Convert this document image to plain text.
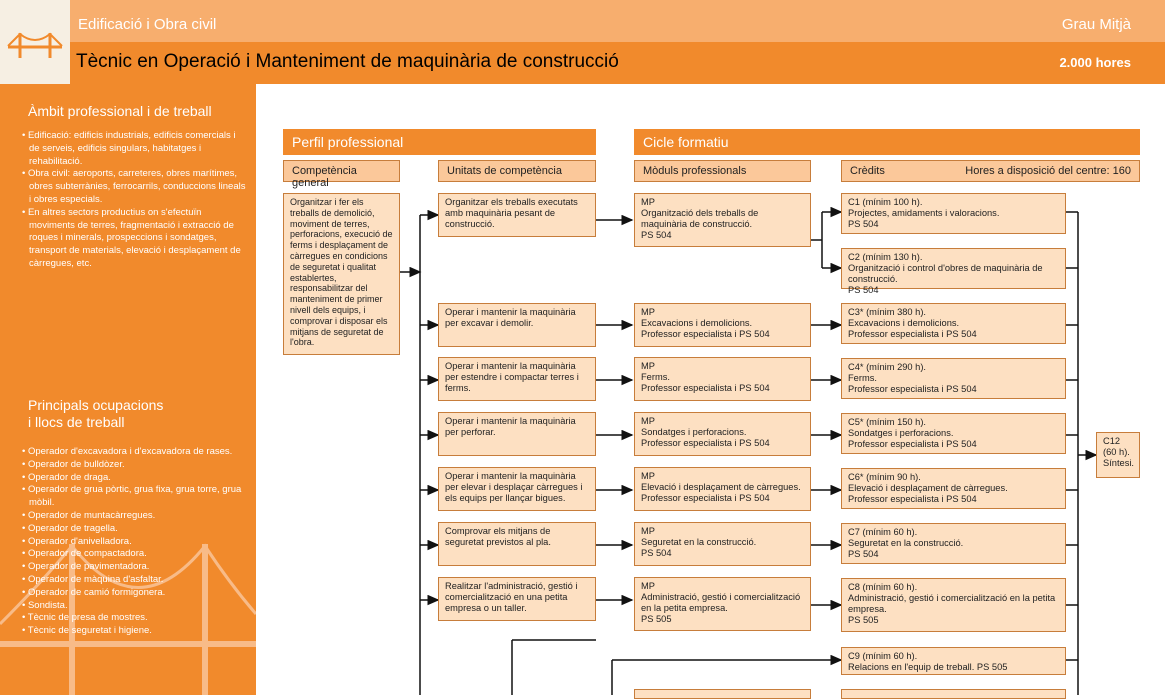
Edificació i Obra civil	Grau Mitjà
Tècnic en Operació i Manteniment de maquinària de construcció	2.000 hores
Àmbit professional i de treball
• Edificació: edificis industrials, edificis comercials i de serveis, edificis singulars, habitatges i rehabilitació.
• Obra civil: aeroports, carreteres, obres marítimes, obres subterrànies, ferrocarrils, conduccions lineals i obres especials.
• En altres sectors productius on s'efectuïn moviments de terres, fragmentació i extracció de roques i minerals, prospeccions i sondatges, transport de materials, elevació i desplaçament de càrregues, etc.
Principals ocupacions
i llocs de treball
• Operador d'excavadora i d'excavadora de rases.
• Operador de bulldòzer.
• Operador de draga.
• Operador de grua pòrtic, grua fixa, grua torre, grua mòbil.
• Operador de muntacàrregues.
• Operador de tragella.
• Operador d'anivelladora.
• Operador de compactadora.
• Operador de pavimentadora.
• Operador de màquina d'asfaltar.
• Operador de camió formigonera.
• Sondista.
• Tècnic de presa de mostres.
• Tècnic de seguretat i higiene.
Perfil professional	Cicle formatiu
Competència general
Unitats de competència	Mòduls professionals	Crèdits	Hores a disposició del centre: 160
Organitzar i fer els treballs de demolició, moviment de terres, perforacions, execució de ferms i desplaçament de càrregues en condicions de seguretat i qualitat establertes, responsabilitzar del manteniment de primer nivell dels equips, i comprovar i disposar els mitjans de seguretat de l'obra.
Organitzar els treballs executats amb maquinària pesant de construcció.
Operar i mantenir la maquinària per excavar i demolir.
Operar i mantenir la maquinària per estendre i compactar terres i ferms.
Operar i mantenir la maquinària per perforar.
Operar i mantenir la maquinària per elevar i desplaçar càrregues i els equips per llançar bigues.
Comprovar els mitjans de seguretat previstos al pla.
Realitzar l'administració, gestió i comercialització en una petita empresa o un taller.
MP
Organització dels treballs de maquinària de construcció.
PS 504
MP
Excavacions i demolicions.
Professor especialista i PS 504
MP
Ferms.
Professor especialista i PS 504
MP
Sondatges i perforacions.
Professor especialista i PS 504
MP
Elevació i desplaçament de càrregues.
Professor especialista i PS 504
MP
Seguretat en la construcció.
PS 504
MP
Administració, gestió i comercialització en la petita empresa.
PS 505
C1 (mínim 100 h).
Projectes, amidaments i valoracions.
PS 504
C2 (mínim 130 h).
Organització i control d'obres de maquinària de construcció.
PS 504
C3* (mínim 380 h).
Excavacions i demolicions.
Professor especialista i PS 504
C4* (mínim 290 h).
Ferms.
Professor especialista i PS 504
C5* (mínim 150 h).
Sondatges i perforacions.
Professor especialista i PS 504
C6* (mínim 90 h).
Elevació i desplaçament de càrregues.
Professor especialista i PS 504
C7 (mínim 60 h).
Seguretat en la construcció.
PS 504
C8 (mínim 60 h).
Administració, gestió i comercialització en la petita empresa.
PS 505
C9 (mínim 60 h).
Relacions en l'equip de treball. PS 505
C12
(60 h).
Síntesi.
